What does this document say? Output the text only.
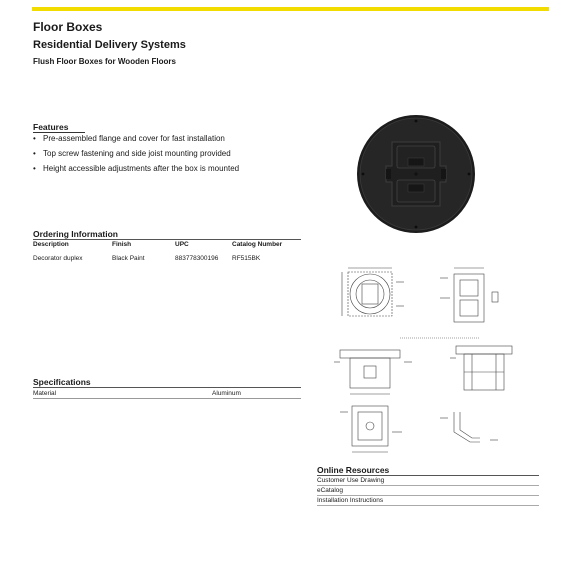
Floor Boxes
Residential Delivery Systems
Flush Floor Boxes for Wooden Floors
Features
• Pre-assembled flange and cover for fast installation
• Top screw fastening and side joist mounting provided
• Height accessible adjustments after the box is mounted
Ordering Information
Description	Finish	UPC	Catalog Number
Decorator duplex	Black Paint	883778300196 RF515BK
Specifications
Material	Aluminum
Online Resources
Customer Use Drawing
eCatalog
Installation Instructions
